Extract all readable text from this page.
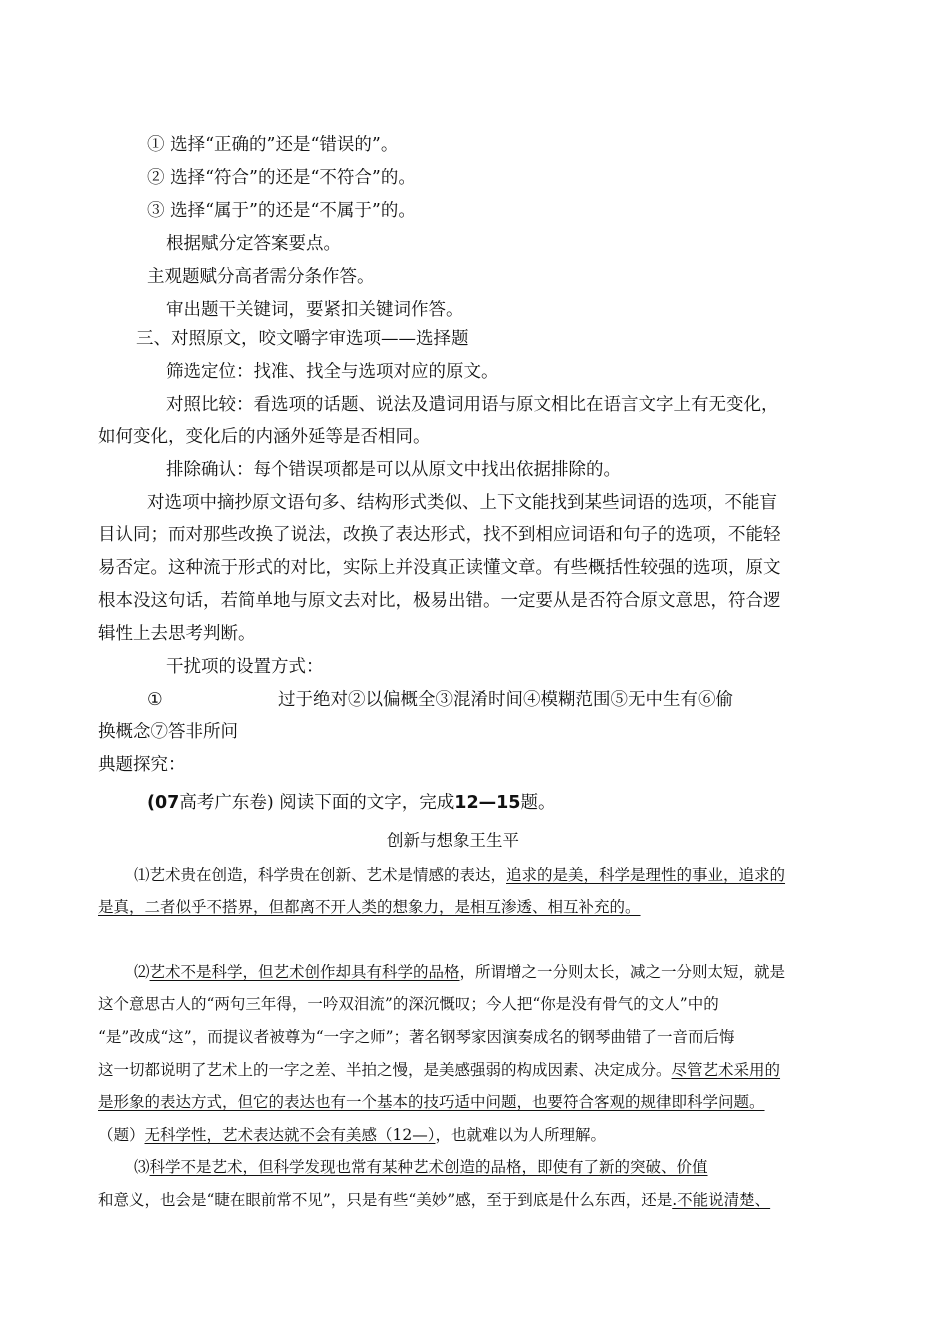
① 选择“正确的”还是“错误的”。
② 选择“符合”的还是“不符合”的。
③ 选择“属于”的还是“不属于”的。
根据赋分定答案要点。
主观题赋分高者需分条作答。
审出题干关键词，要紧扣关键词作答。
三、对照原文，咬文嚼字审选项——选择题
筛选定位：找准、找全与选项对应的原文。
对照比较：看选项的话题、说法及遣词用语与原文相比在语言文字上有无变化，
如何变化，变化后的内涵外延等是否相同。
排除确认：每个错误项都是可以从原文中找出依据排除的。
对选项中摘抄原文语句多、结构形式类似、上下文能找到某些词语的选项，不能盲
目认同；而对那些改换了说法，改换了表达形式，找不到相应词语和句子的选项，不能轻
易否定。这种流于形式的对比，实际上并没真正读懂文章。有些概括性较强的选项，原文
根本没这句话，若简单地与原文去对比，极易出错。一定要从是否符合原文意思，符合逻
辑性上去思考判断。
干扰项的设置方式：
①	过于绝对②以偏概全③混淆时间④模糊范围⑤无中生有⑥偷
换概念⑦答非所问
典题探究：
(07高考广东卷) 阅读下面的文字，完成12—15题。
创新与想象王生平
⑴艺术贵在创造，科学贵在创新、艺术是情感的表达，追求的是美，科学是理性的事业，追求的
是真，二者似乎不搭界，但都离不开人类的想象力，是相互渗透、相互补充的。
⑵艺术不是科学，但艺术创作却具有科学的品格，所谓增之一分则太长，减之一分则太短，就是
这个意思古人的“两句三年得，一吟双泪流”的深沉慨叹；今人把“你是没有骨气的文人”中的
“是”改成“这”，而提议者被尊为“一字之师”；著名钢琴家因演奏成名的钢琴曲错了一音而后悔
这一切都说明了艺术上的一字之差、半拍之慢，是美感强弱的构成因素、决定成分。尽管艺术采用的
是形象的表达方式，但它的表达也有一个基本的技巧适中问题，也要符合客观的规律即科学问题。
（题）无科学性，艺术表达就不会有美感（12—），也就难以为人所理解。
⑶科学不是艺术，但科学发现也常有某种艺术创造的品格，即使有了新的突破、价值
和意义，也会是“睫在眼前常不见”，只是有些“美妙”感，至于到底是什么东西，还是.不能说清楚、
